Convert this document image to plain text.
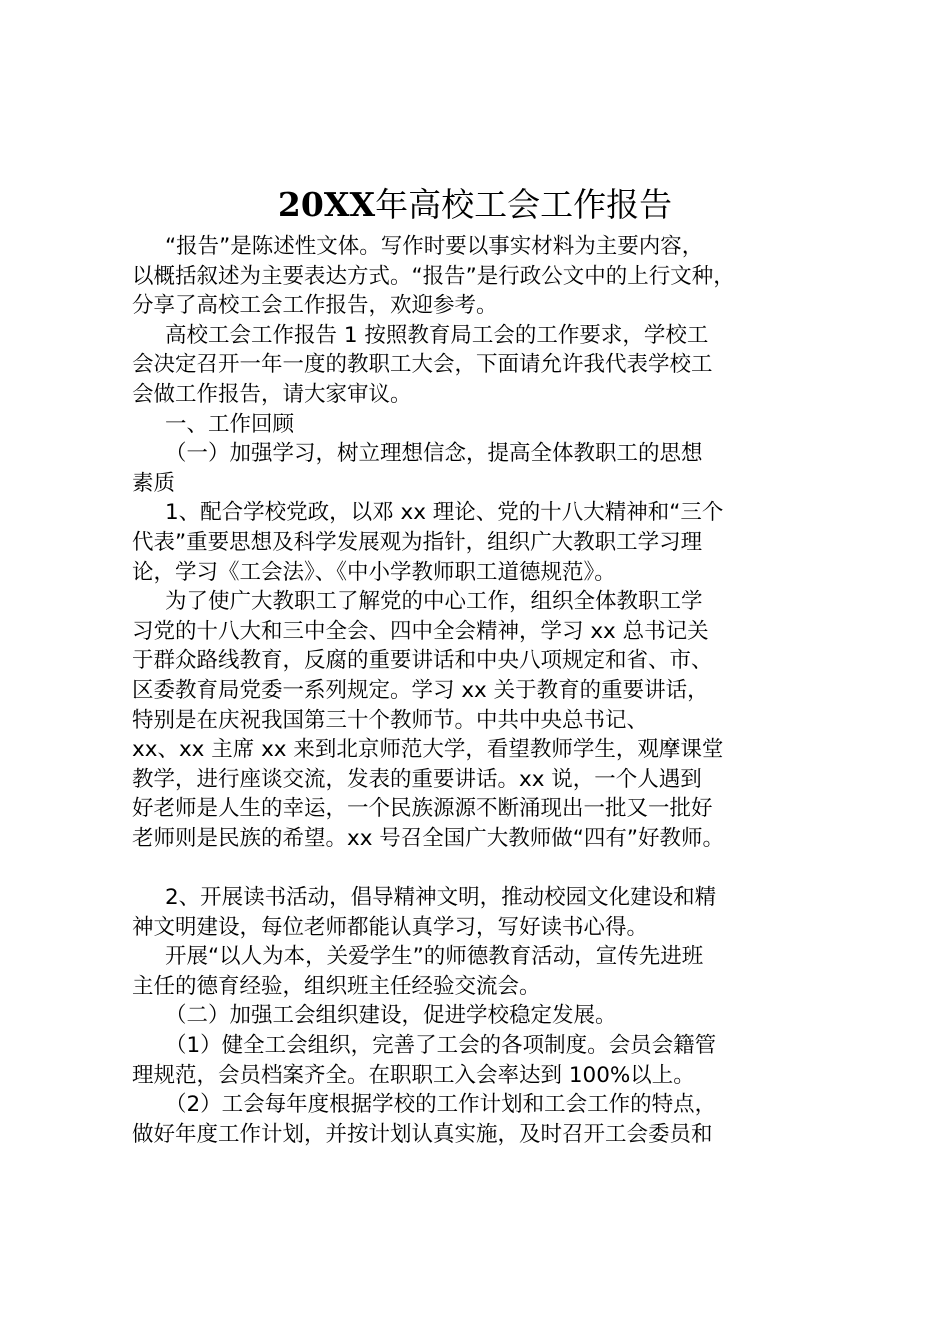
20XX年高校工会工作报告
“报告”是陈述性文体。写作时要以事实材料为主要内容，
以概括叙述为主要表达方式。“报告”是行政公文中的上行文种，
分享了高校工会工作报告，欢迎参考。
高校工会工作报告 1 按照教育局工会的工作要求，学校工
会决定召开一年一度的教职工大会，下面请允许我代表学校工
会做工作报告，请大家审议。
一、工作回顾
（一）加强学习，树立理想信念，提高全体教职工的思想
素质
1、配合学校党政，以邓 xx 理论、党的十八大精神和“三个
代表”重要思想及科学发展观为指针，组织广大教职工学习理
论，学习《工会法》、《中小学教师职工道德规范》。
为了使广大教职工了解党的中心工作，组织全体教职工学
习党的十八大和三中全会、四中全会精神，学习 xx 总书记关
于群众路线教育，反腐的重要讲话和中央八项规定和省、市、
区委教育局党委一系列规定。学习 xx 关于教育的重要讲话，
特别是在庆祝我国第三十个教师节。中共中央总书记、
xx、xx 主席 xx 来到北京师范大学，看望教师学生，观摩课堂
教学，进行座谈交流，发表的重要讲话。xx 说，一个人遇到
好老师是人生的幸运，一个民族源源不断涌现出一批又一批好
老师则是民族的希望。xx 号召全国广大教师做“四有”好教师。
2、开展读书活动，倡导精神文明，推动校园文化建设和精
神文明建设，每位老师都能认真学习，写好读书心得。
开展“以人为本，关爱学生”的师德教育活动，宣传先进班
主任的德育经验，组织班主任经验交流会。
（二）加强工会组织建设，促进学校稳定发展。
（1）健全工会组织，完善了工会的各项制度。会员会籍管
理规范，会员档案齐全。在职职工入会率达到 100%以上。
（2）工会每年度根据学校的工作计划和工会工作的特点，
做好年度工作计划，并按计划认真实施，及时召开工会委员和
